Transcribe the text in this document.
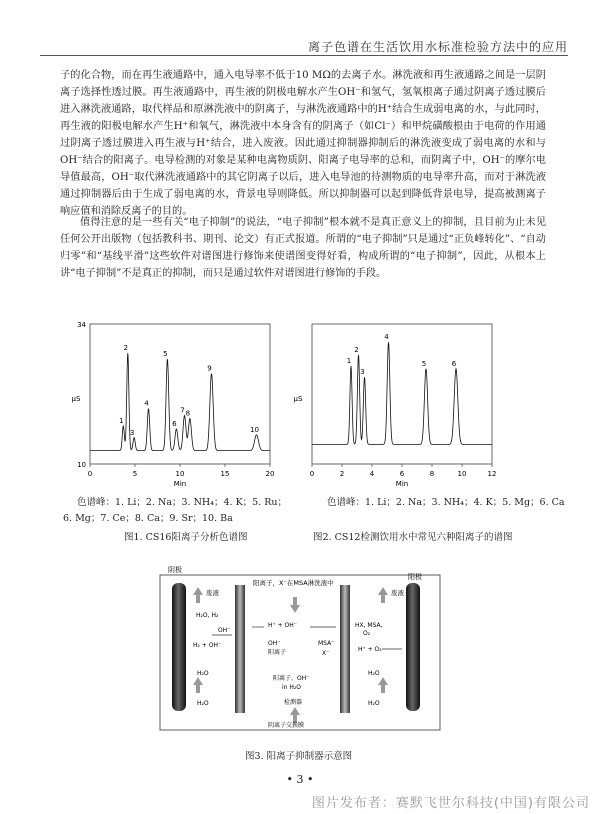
离子色谱在生活饮用水标准检验方法中的应用

子的化合物，而在再生液通路中，通入电导率不低于10 MΩ的去离子水。淋洗液和再生液通路之间是一层阴离子选择性透过膜。再生液通路中，再生液的阴极电解水产生OH⁻和氢气，氢氧根离子通过阴离子透过膜后进入淋洗液通路，取代样品和原淋洗液中的阴离子，与淋洗液通路中的H⁺结合生成弱电离的水，与此同时，再生液的阳极电解水产生H⁺和氧气，淋洗液中本身含有的阴离子（如Cl⁻）和甲烷磺酸根由于电荷的作用通过阴离子透过膜进入再生液与H⁺结合，进入废液。因此通过抑制器抑制后的淋洗液变成了弱电离的水和与OH⁻结合的阳离子。电导检测的对象是某种电离物质阴、阳离子电导率的总和，而阴离子中，OH⁻的摩尔电导值最高，OH⁻取代淋洗液通路中的其它阴离子以后，进入电导池的待测物质的电导率升高，而对于淋洗液通过抑制器后由于生成了弱电离的水，背景电导则降低。所以抑制器可以起到降低背景电导，提高被测离子响应值和消除反离子的目的。

值得注意的是一些有关“电子抑制”的说法，“电子抑制”根本就不是真正意义上的抑制，且目前为止未见任何公开出版物（包括教科书、期刊、论文）有正式报道。所谓的“电子抑制”只是通过“正负峰转化”、“自动归零”和“基线平滑”这些软件对谱图进行修饰来使谱图变得好看，构成所谓的“电子抑制”，因此，从根本上讲“电子抑制”不是真正的抑制，而只是通过软件对谱图进行修饰的手段。

0	5	10	15	20
10
34
Min
μS
1
2
3
4
5
6
7 8
9
10
0	2	4	6	8	10	12
Min
μS
1
2
3
4
5	6
色谱峰：1. Li；2. Na；3. NH₄；4. K；5. Ru；
6. Mg；7. Ce；8. Ca；9. Sr；10. Ba
色谱峰：1. Li；2. Na；3. NH₄；4. K；5. Mg；6. Ca
图1. CS16阳离子分析色谱图	图2. CS12检测饮用水中常见六种阳离子的谱图
阴极
阳极
废液	废液
阳离子，X⁻在MSA淋洗液中
H₂O, H₂
H₂ + OH⁻
H₂O
H₂O
OH⁻
H⁺ + OH⁻
OH⁻
阳离子
MSA⁻
X⁻
阳离子，OH⁻
in H₂O
检测器
HX, MSA,
O₂
H⁺ + O₂
H₂O
H₂O
阴离子交换膜
图3. 阳离子抑制器示意图
• 3 •
图片发布者：赛默飞世尔科技(中国)有限公司
